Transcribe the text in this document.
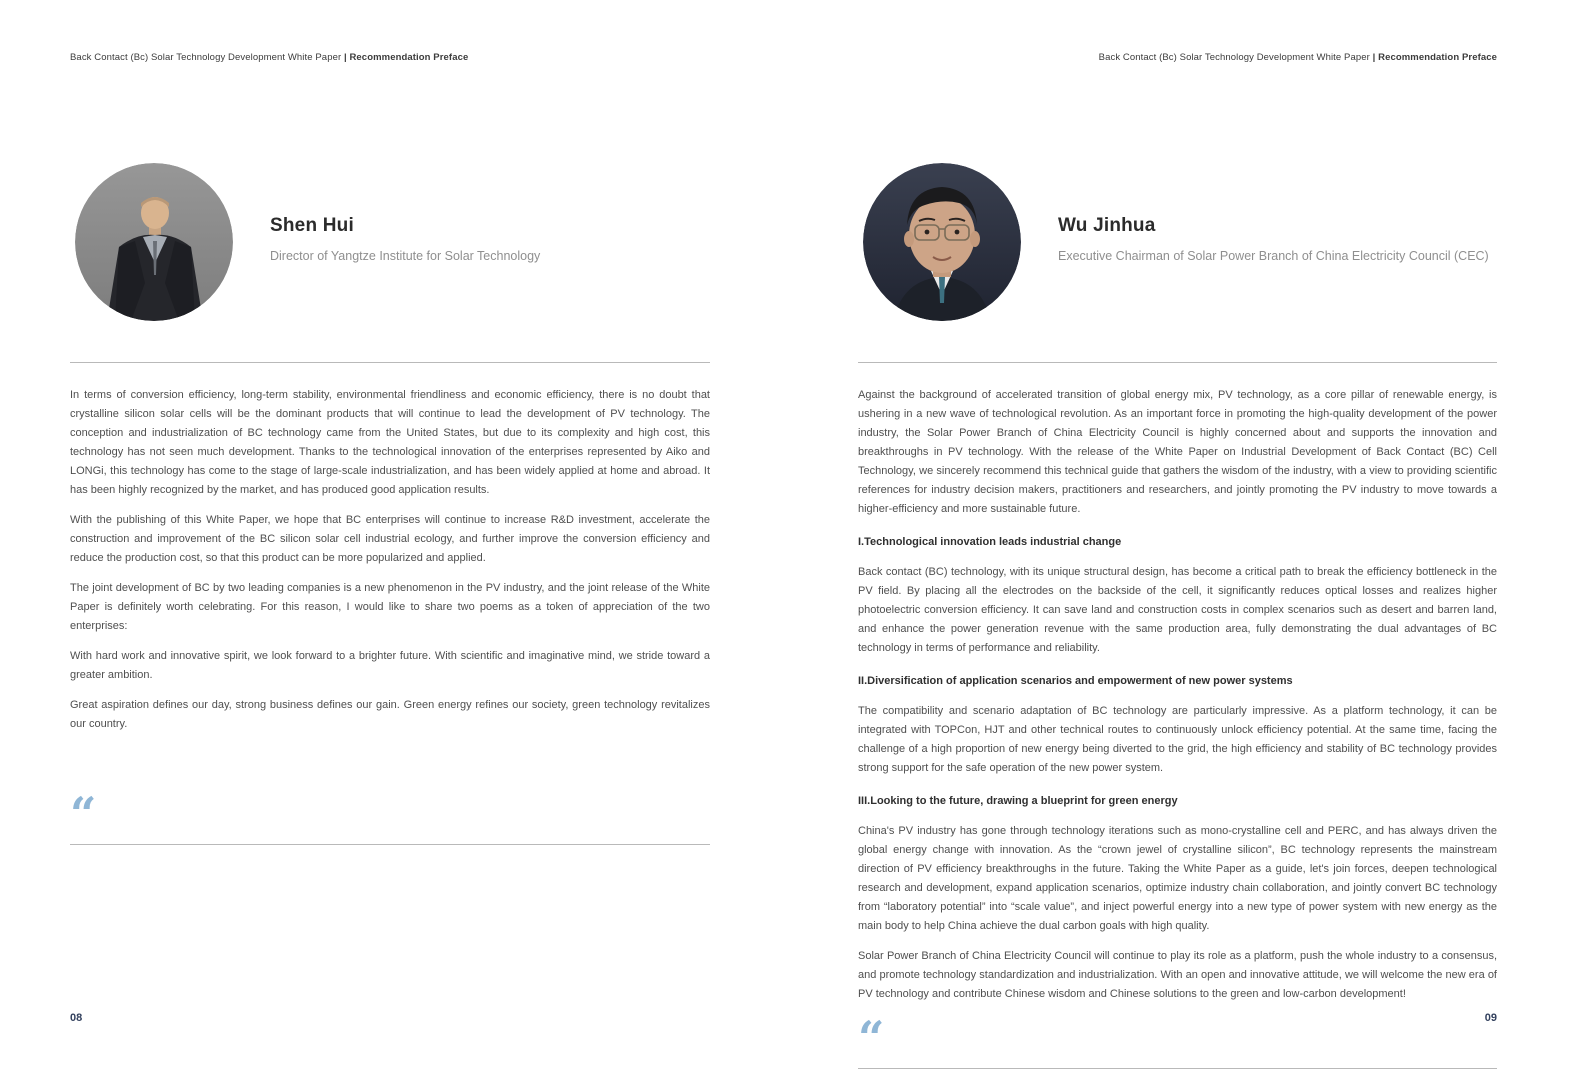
Back Contact (Bc) Solar Technology Development White Paper | Recommendation Preface
Shen Hui
Director of Yangtze Institute for Solar Technology

In terms of conversion efficiency, long-term stability, environmental friendliness and economic efficiency, there is no doubt that crystalline silicon solar cells will be the dominant products that will continue to lead the development of PV technology. The conception and industrialization of BC technology came from the United States, but due to its complexity and high cost, this technology has not seen much development. Thanks to the technological innovation of the enterprises represented by Aiko and LONGi, this technology has come to the stage of large-scale industrialization, and has been widely applied at home and abroad. It has been highly recognized by the market, and has produced good application results.

With the publishing of this White Paper, we hope that BC enterprises will continue to increase R&D investment, accelerate the construction and improvement of the BC silicon solar cell industrial ecology, and further improve the conversion efficiency and reduce the production cost, so that this product can be more popularized and applied.

The joint development of BC by two leading companies is a new phenomenon in the PV industry, and the joint release of the White Paper is definitely worth celebrating. For this reason, I would like to share two poems as a token of appreciation of the two enterprises:

With hard work and innovative spirit, we look forward to a brighter future. With scientific and imaginative mind, we stride toward a greater ambition.

Great aspiration defines our day, strong business defines our gain. Green energy refines our society, green technology revitalizes our country.

“
08
Back Contact (Bc) Solar Technology Development White Paper | Recommendation Preface
Wu Jinhua
Executive Chairman of Solar Power Branch of China Electricity Council (CEC)

Against the background of accelerated transition of global energy mix, PV technology, as a core pillar of renewable energy, is ushering in a new wave of technological revolution. As an important force in promoting the high-quality development of the power industry, the Solar Power Branch of China Electricity Council is highly concerned about and supports the innovation and breakthroughs in PV technology. With the release of the White Paper on Industrial Development of Back Contact (BC) Cell Technology, we sincerely recommend this technical guide that gathers the wisdom of the industry, with a view to providing scientific references for industry decision makers, practitioners and researchers, and jointly promoting the PV industry to move towards a higher-efficiency and more sustainable future.

I.Technological innovation leads industrial change

Back contact (BC) technology, with its unique structural design, has become a critical path to break the efficiency bottleneck in the PV field. By placing all the electrodes on the backside of the cell, it significantly reduces optical losses and realizes higher photoelectric conversion efficiency. It can save land and construction costs in complex scenarios such as desert and barren land, and enhance the power generation revenue with the same production area, fully demonstrating the dual advantages of BC technology in terms of performance and reliability.

II.Diversification of application scenarios and empowerment of new power systems

The compatibility and scenario adaptation of BC technology are particularly impressive. As a platform technology, it can be integrated with TOPCon, HJT and other technical routes to continuously unlock efficiency potential. At the same time, facing the challenge of a high proportion of new energy being diverted to the grid, the high efficiency and stability of BC technology provides strong support for the safe operation of the new power system.

III.Looking to the future, drawing a blueprint for green energy

China's PV industry has gone through technology iterations such as mono-crystalline cell and PERC, and has always driven the global energy change with innovation. As the “crown jewel of crystalline silicon”, BC technology represents the mainstream direction of PV efficiency breakthroughs in the future. Taking the White Paper as a guide, let's join forces, deepen technological research and development, expand application scenarios, optimize industry chain collaboration, and jointly convert BC technology from “laboratory potential” into “scale value”, and inject powerful energy into a new type of power system with new energy as the main body to help China achieve the dual carbon goals with high quality.

Solar Power Branch of China Electricity Council will continue to play its role as a platform, push the whole industry to a consensus, and promote technology standardization and industrialization. With an open and innovative attitude, we will welcome the new era of PV technology and contribute Chinese wisdom and Chinese solutions to the green and low-carbon development!

“	09
